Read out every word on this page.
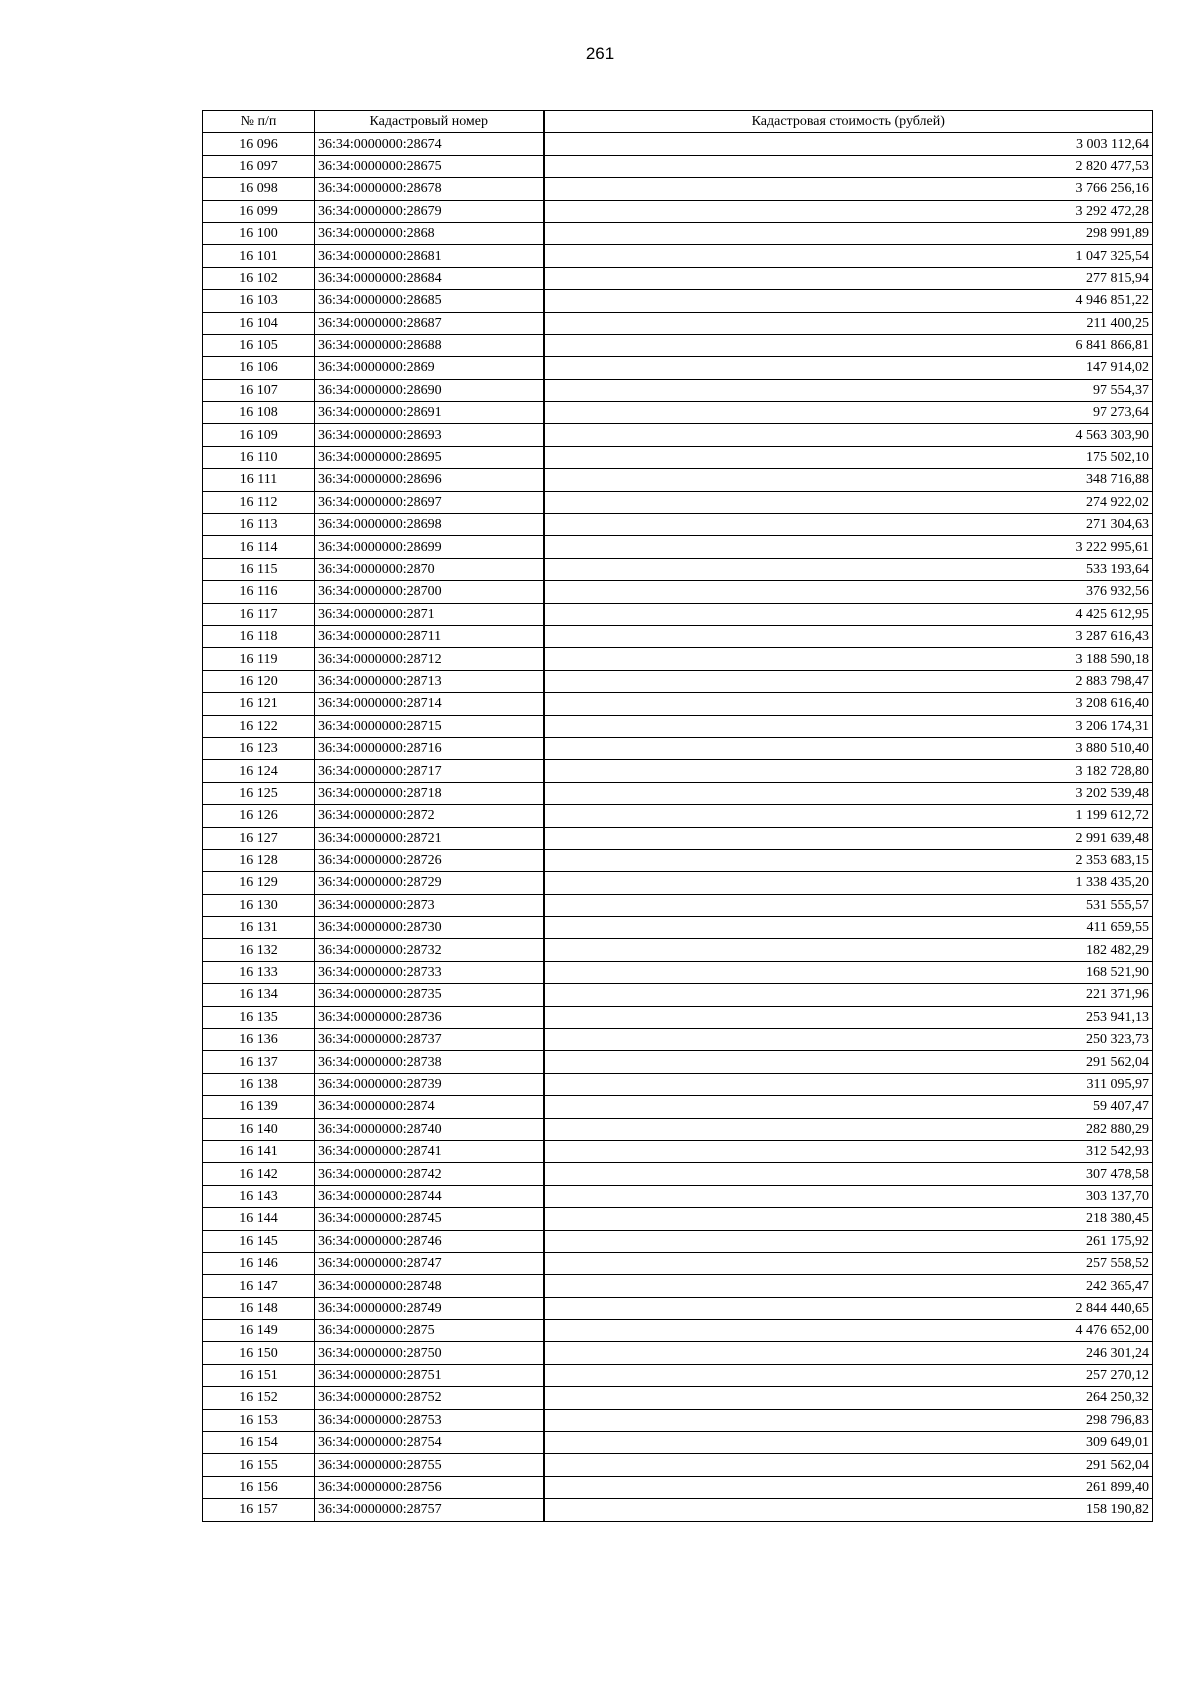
261
№ п/п	Кадастровый номер	Кадастровая стоимость (рублей)
16 096	36:34:0000000:28674	3 003 112,64
16 097	36:34:0000000:28675	2 820 477,53
16 098	36:34:0000000:28678	3 766 256,16
16 099	36:34:0000000:28679	3 292 472,28
16 100	36:34:0000000:2868	298 991,89
16 101	36:34:0000000:28681	1 047 325,54
16 102	36:34:0000000:28684	277 815,94
16 103	36:34:0000000:28685	4 946 851,22
16 104	36:34:0000000:28687	211 400,25
16 105	36:34:0000000:28688	6 841 866,81
16 106	36:34:0000000:2869	147 914,02
16 107	36:34:0000000:28690	97 554,37
16 108	36:34:0000000:28691	97 273,64
16 109	36:34:0000000:28693	4 563 303,90
16 110	36:34:0000000:28695	175 502,10
16 111	36:34:0000000:28696	348 716,88
16 112	36:34:0000000:28697	274 922,02
16 113	36:34:0000000:28698	271 304,63
16 114	36:34:0000000:28699	3 222 995,61
16 115	36:34:0000000:2870	533 193,64
16 116	36:34:0000000:28700	376 932,56
16 117	36:34:0000000:2871	4 425 612,95
16 118	36:34:0000000:28711	3 287 616,43
16 119	36:34:0000000:28712	3 188 590,18
16 120	36:34:0000000:28713	2 883 798,47
16 121	36:34:0000000:28714	3 208 616,40
16 122	36:34:0000000:28715	3 206 174,31
16 123	36:34:0000000:28716	3 880 510,40
16 124	36:34:0000000:28717	3 182 728,80
16 125	36:34:0000000:28718	3 202 539,48
16 126	36:34:0000000:2872	1 199 612,72
16 127	36:34:0000000:28721	2 991 639,48
16 128	36:34:0000000:28726	2 353 683,15
16 129	36:34:0000000:28729	1 338 435,20
16 130	36:34:0000000:2873	531 555,57
16 131	36:34:0000000:28730	411 659,55
16 132	36:34:0000000:28732	182 482,29
16 133	36:34:0000000:28733	168 521,90
16 134	36:34:0000000:28735	221 371,96
16 135	36:34:0000000:28736	253 941,13
16 136	36:34:0000000:28737	250 323,73
16 137	36:34:0000000:28738	291 562,04
16 138	36:34:0000000:28739	311 095,97
16 139	36:34:0000000:2874	59 407,47
16 140	36:34:0000000:28740	282 880,29
16 141	36:34:0000000:28741	312 542,93
16 142	36:34:0000000:28742	307 478,58
16 143	36:34:0000000:28744	303 137,70
16 144	36:34:0000000:28745	218 380,45
16 145	36:34:0000000:28746	261 175,92
16 146	36:34:0000000:28747	257 558,52
16 147	36:34:0000000:28748	242 365,47
16 148	36:34:0000000:28749	2 844 440,65
16 149	36:34:0000000:2875	4 476 652,00
16 150	36:34:0000000:28750	246 301,24
16 151	36:34:0000000:28751	257 270,12
16 152	36:34:0000000:28752	264 250,32
16 153	36:34:0000000:28753	298 796,83
16 154	36:34:0000000:28754	309 649,01
16 155	36:34:0000000:28755	291 562,04
16 156	36:34:0000000:28756	261 899,40
16 157	36:34:0000000:28757	158 190,82
